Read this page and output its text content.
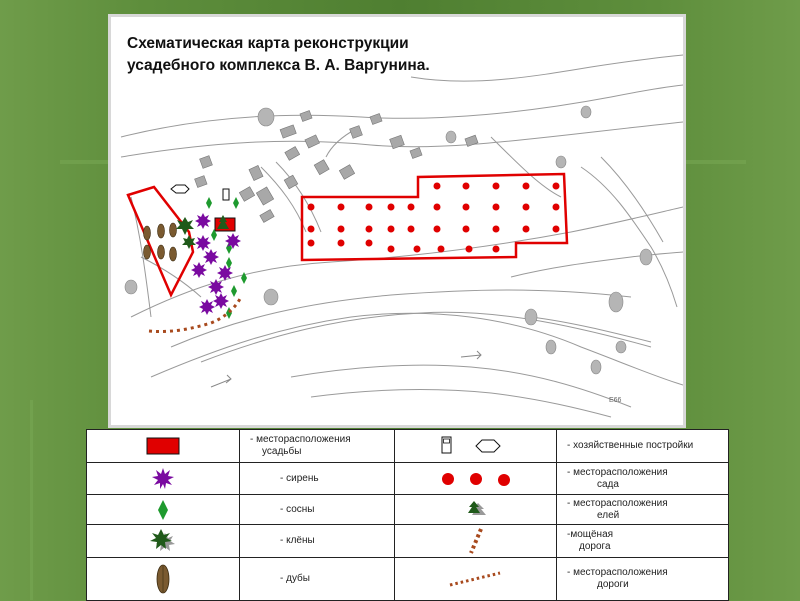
Е66
Схематическая карта реконструкции
усадебного комплекса В. А. Варгунина.

- месторасположения
усадьбы		- хозяйственные постройки

- сирень		- месторасположения
сада

- сосны		- месторасположения
елей

- клёны		-мощёная
дорога

- дубы		- месторасположения
дороги
